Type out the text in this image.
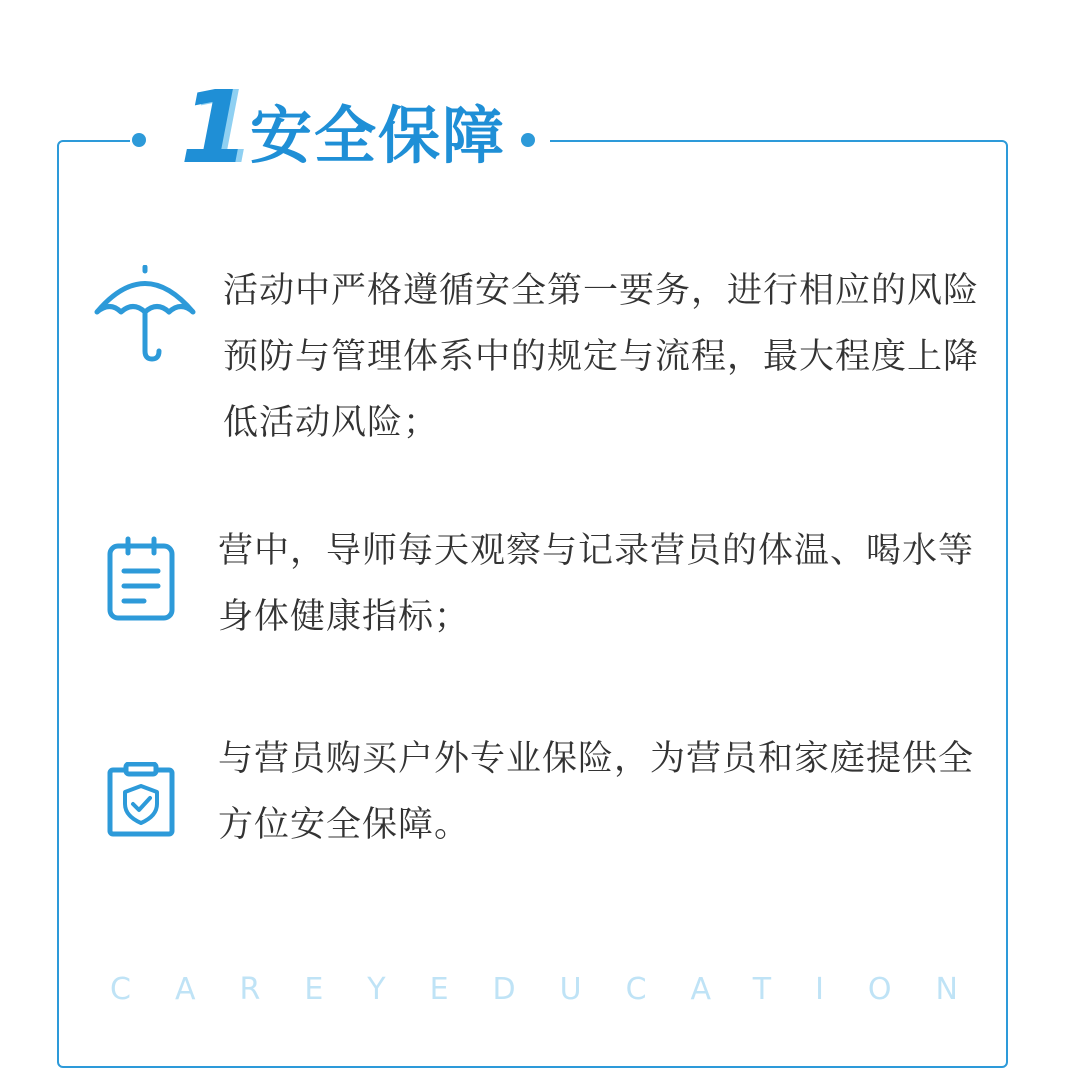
1 安全保障
活动中严格遵循安全第一要务，进行相应的风险预防与管理体系中的规定与流程，最大程度上降低活动风险；
营中，导师每天观察与记录营员的体温、喝水等身体健康指标；
与营员购买户外专业保险，为营员和家庭提供全方位安全保障。
CAREYEDUCATION
